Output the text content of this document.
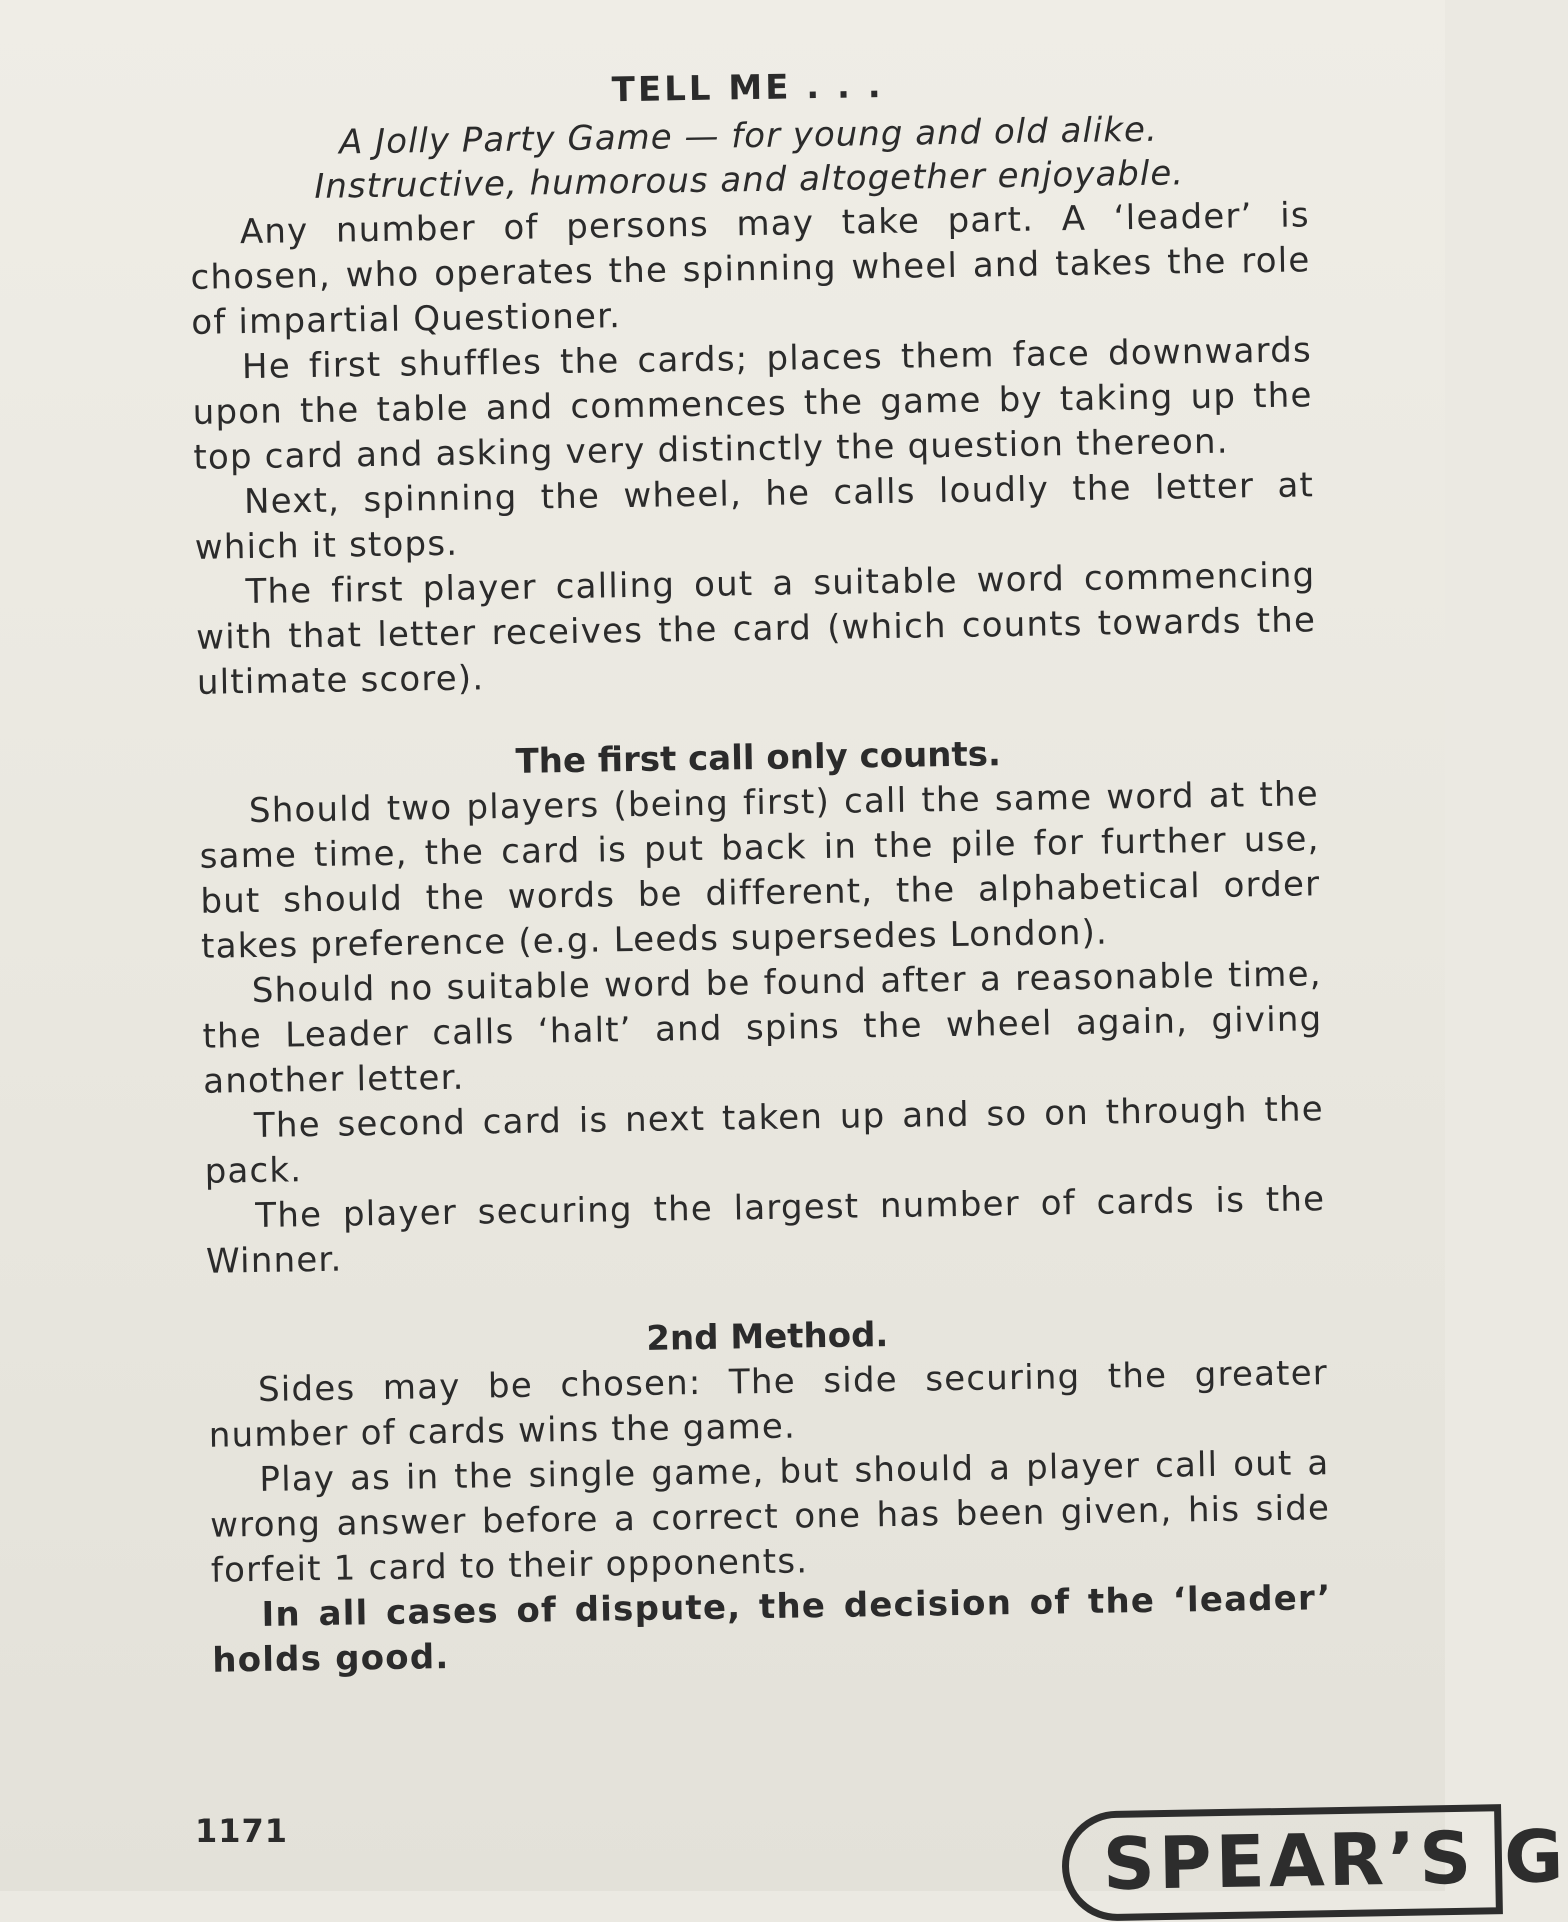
TELL ME . . .

A Jolly Party Game — for young and old alike.

Instructive, humorous and altogether enjoyable.

Any number of persons may take part. A ‘leader’ is chosen, who operates the spinning wheel and takes the role of impartial Questioner.

He first shuffles the cards; places them face downwards upon the table and commences the game by taking up the top card and asking very distinctly the question thereon.

Next, spinning the wheel, he calls loudly the letter at which it stops.

The first player calling out a suitable word commencing with that letter receives the card (which counts towards the ultimate score).

The first call only counts.

Should two players (being first) call the same word at the same time, the card is put back in the pile for further use, but should the words be different, the alphabetical order takes preference (e.g. Leeds supersedes London).

Should no suitable word be found after a reasonable time, the Leader calls ‘halt’ and spins the wheel again, giving another letter.

The second card is next taken up and so on through the pack.

The player securing the largest number of cards is the Winner.

2nd Method.

Sides may be chosen: The side securing the greater number of cards wins the game.

Play as in the single game, but should a player call out a wrong answer before a correct one has been given, his side forfeit 1 card to their opponents.

In all cases of dispute, the decision of the ‘leader’ holds good.

1171	SPEAR’S G
